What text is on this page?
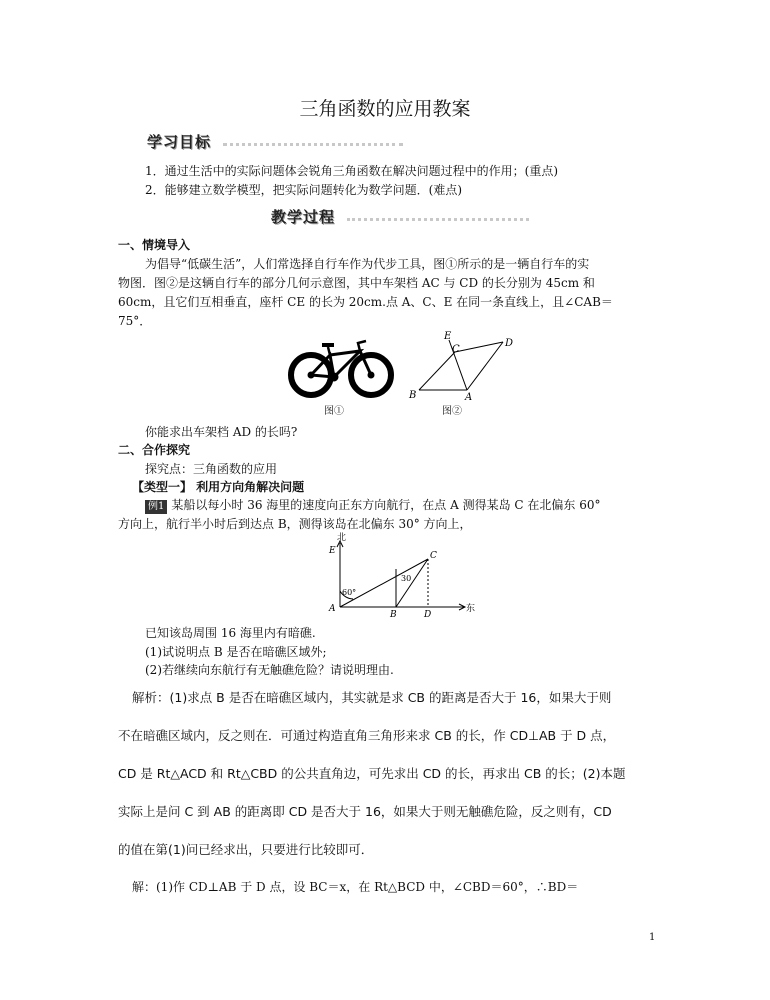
三角函数的应用教案
学习目标
1．通过生活中的实际问题体会锐角三角函数在解决问题过程中的作用；(重点)
2．能够建立数学模型，把实际问题转化为数学问题．(难点)
教学过程
一、情境导入
为倡导“低碳生活”，人们常选择自行车作为代步工具，图①所示的是一辆自行车的实
物图．图②是这辆自行车的部分几何示意图，其中车架档 AC 与 CD 的长分别为 45cm 和
60cm，且它们互相垂直，座杆 CE 的长为 20cm.点 A、C、E 在同一条直线上，且∠CAB＝
75°．
图①
E
C
D
B	A
图②
你能求出车架档 AD 的长吗?
二、合作探究
探究点：三角函数的应用
【类型一】 利用方向角解决问题
例1 某船以每小时 36 海里的速度向正东方向航行，在点 A 测得某岛 C 在北偏东 60°
方向上，航行半小时后到达点 B，测得该岛在北偏东 30° 方向上，
北
E	C
30
60°
A
B	D
东
已知该岛周围 16 海里内有暗礁.
(1)试说明点 B 是否在暗礁区域外;
(2)若继续向东航行有无触礁危险？请说明理由.
解析：(1)求点 B 是否在暗礁区域内，其实就是求 CB 的距离是否大于 16，如果大于则
不在暗礁区域内，反之则在．可通过构造直角三角形来求 CB 的长，作 CD⊥AB 于 D 点，
CD 是 Rt△ACD 和 Rt△CBD 的公共直角边，可先求出 CD 的长，再求出 CB 的长；(2)本题
实际上是问 C 到 AB 的距离即 CD 是否大于 16，如果大于则无触礁危险，反之则有，CD
的值在第(1)问已经求出，只要进行比较即可．
解：(1)作 CD⊥AB 于 D 点，设 BC＝x，在 Rt△BCD 中，∠CBD＝60°，∴BD＝
1
